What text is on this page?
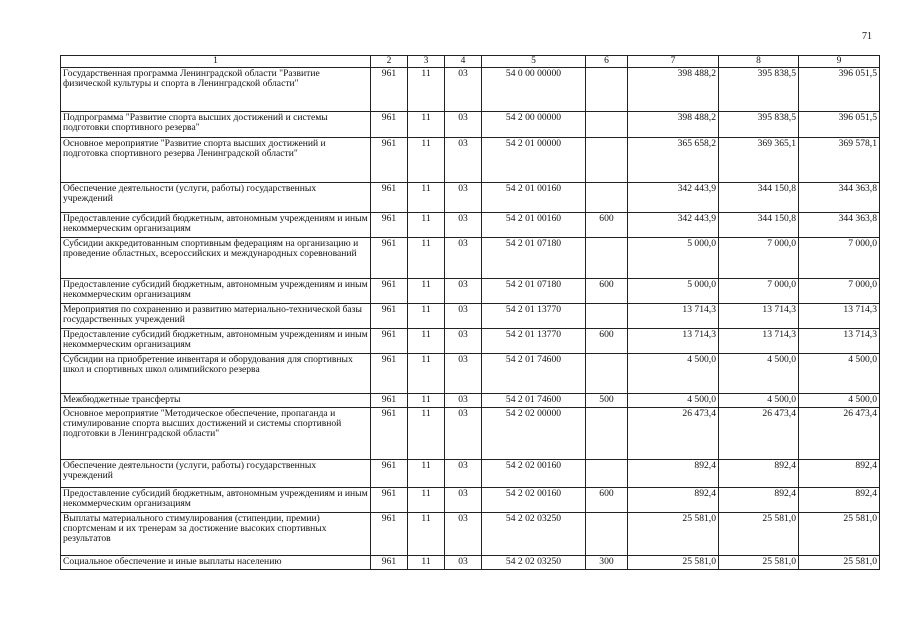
71
1	2	3	4	5	6	7	8	9
Государственная программа Ленинградской области "Развитие физической культуры и спорта в Ленинградской области"	961	11	03	54 0 00 00000		398 488,2	395 838,5	396 051,5
Подпрограмма "Развитие спорта высших достижений и системы подготовки спортивного резерва"	961	11	03	54 2 00 00000		398 488,2	395 838,5	396 051,5
Основное мероприятие "Развитие спорта высших достижений и подготовка спортивного резерва Ленинградской области"	961	11	03	54 2 01 00000		365 658,2	369 365,1	369 578,1
Обеспечение деятельности (услуги, работы) государственных учреждений	961	11	03	54 2 01 00160		342 443,9	344 150,8	344 363,8
Предоставление субсидий бюджетным, автономным учреждениям и иным некоммерческим организациям	961	11	03	54 2 01 00160	600	342 443,9	344 150,8	344 363,8
Субсидии аккредитованным спортивным федерациям на организацию и проведение областных, всероссийских и международных соревнований	961	11	03	54 2 01 07180		5 000,0	7 000,0	7 000,0
Предоставление субсидий бюджетным, автономным учреждениям и иным некоммерческим организациям	961	11	03	54 2 01 07180	600	5 000,0	7 000,0	7 000,0
Мероприятия по сохранению и развитию материально-технической базы государственных учреждений	961	11	03	54 2 01 13770		13 714,3	13 714,3	13 714,3
Предоставление субсидий бюджетным, автономным учреждениям и иным некоммерческим организациям	961	11	03	54 2 01 13770	600	13 714,3	13 714,3	13 714,3
Субсидии на приобретение инвентаря и оборудования для спортивных школ и спортивных школ олимпийского резерва	961	11	03	54 2 01 74600		4 500,0	4 500,0	4 500,0
Межбюджетные трансферты	961	11	03	54 2 01 74600	500	4 500,0	4 500,0	4 500,0
Основное мероприятие "Методическое обеспечение, пропаганда и стимулирование спорта высших достижений и системы спортивной подготовки в Ленинградской области"	961	11	03	54 2 02 00000		26 473,4	26 473,4	26 473,4
Обеспечение деятельности (услуги, работы) государственных учреждений	961	11	03	54 2 02 00160		892,4	892,4	892,4
Предоставление субсидий бюджетным, автономным учреждениям и иным некоммерческим организациям	961	11	03	54 2 02 00160	600	892,4	892,4	892,4
Выплаты материального стимулирования (стипендии, премии) спортсменам и их тренерам за достижение высоких спортивных результатов	961	11	03	54 2 02 03250		25 581,0	25 581,0	25 581,0
Социальное обеспечение и иные выплаты населению	961	11	03	54 2 02 03250	300	25 581,0	25 581,0	25 581,0
